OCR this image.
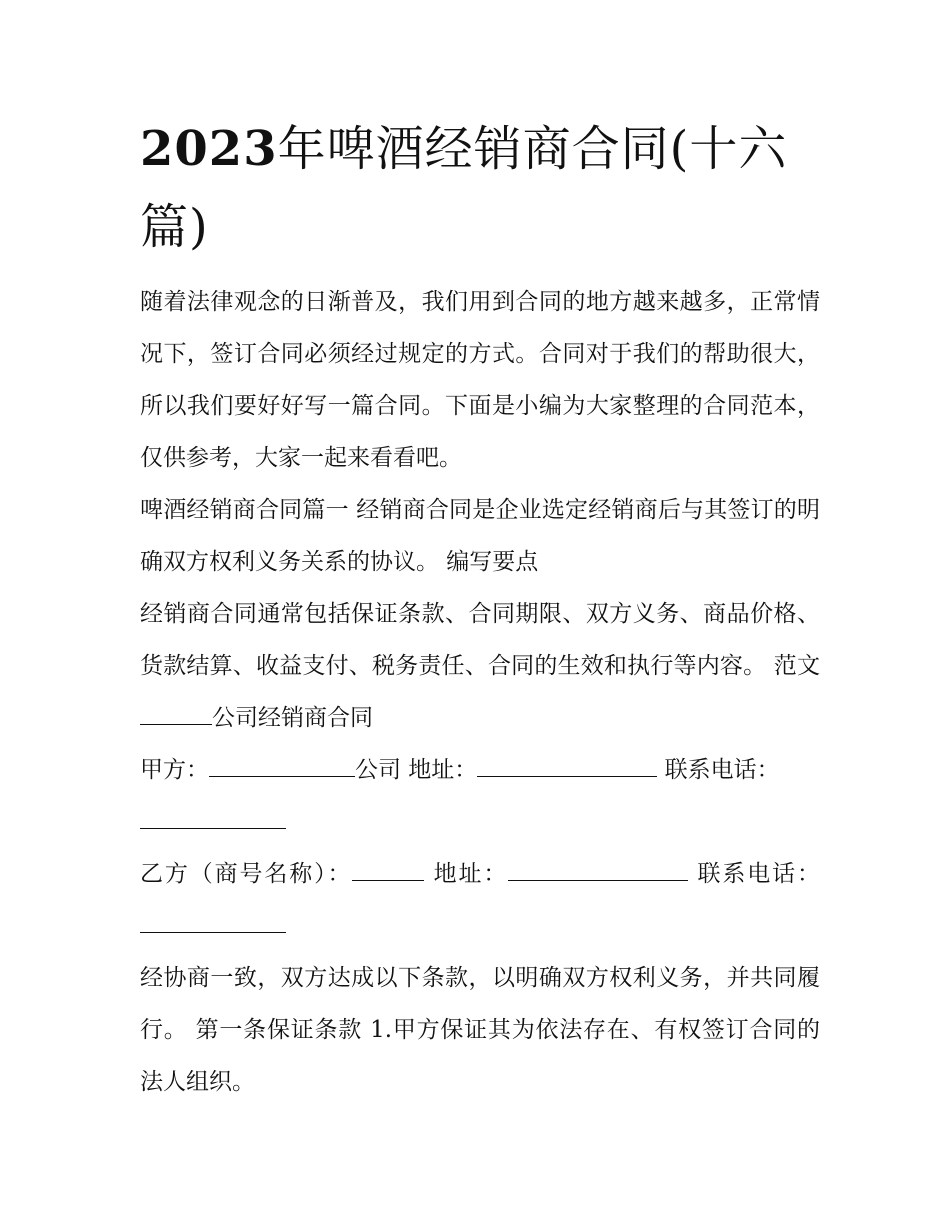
2023年啤酒经销商合同(十六篇)

随着法律观念的日渐普及，我们用到合同的地方越来越多，正常情况下，签订合同必须经过规定的方式。合同对于我们的帮助很大，所以我们要好好写一篇合同。下面是小编为大家整理的合同范本，仅供参考，大家一起来看看吧。

啤酒经销商合同篇一 经销商合同是企业选定经销商后与其签订的明确双方权利义务关系的协议。 编写要点

经销商合同通常包括保证条款、合同期限、双方义务、商品价格、货款结算、收益支付、税务责任、合同的生效和执行等内容。 范文 公司经销商合同

甲方：	公司 地址：	联系电话：

乙方（商号名称）：	地址：	联系电话：

经协商一致，双方达成以下条款，以明确双方权利义务，并共同履行。 第一条保证条款 1.甲方保证其为依法存在、有权签订合同的法人组织。
